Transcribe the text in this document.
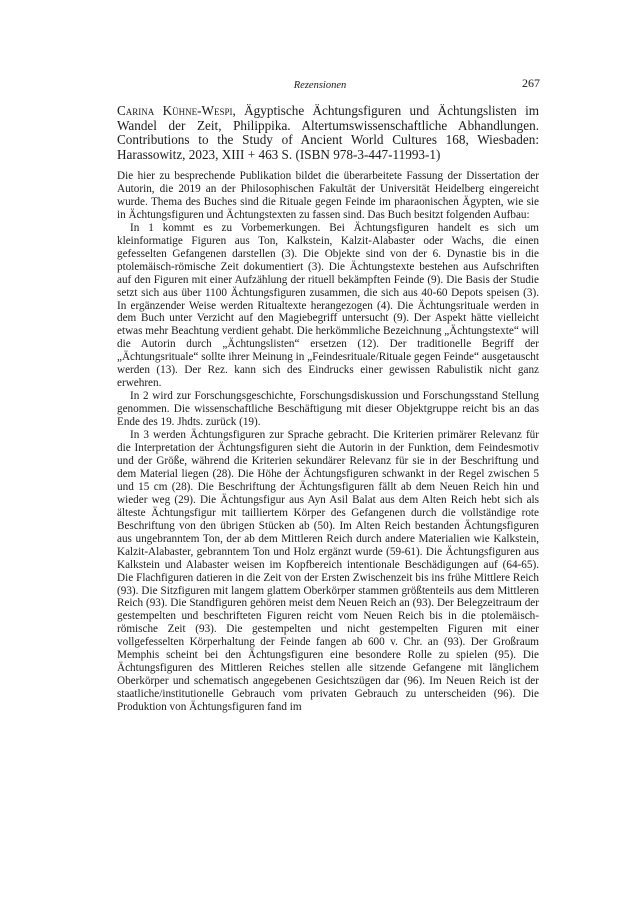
Rezensionen	267
Carina Kühne-Wespi, Ägyptische Ächtungsfiguren und Ächtungslisten im Wandel der Zeit, Philippika. Altertumswissenschaftliche Abhandlungen. Contributions to the Study of Ancient World Cultures 168, Wiesbaden: Harassowitz, 2023, XIII + 463 S. (ISBN 978-3-447-11993-1)

Die hier zu besprechende Publikation bildet die überarbeitete Fassung der Dissertation der Autorin, die 2019 an der Philosophischen Fakultät der Universität Heidelberg eingereicht wurde. Thema des Buches sind die Rituale gegen Feinde im pharaonischen Ägypten, wie sie in Ächtungsfiguren und Ächtungstexten zu fassen sind. Das Buch besitzt folgenden Aufbau:

In 1 kommt es zu Vorbemerkungen. Bei Ächtungsfiguren handelt es sich um kleinformatige Figuren aus Ton, Kalkstein, Kalzit-Alabaster oder Wachs, die einen gefesselten Gefangenen darstellen (3). Die Objekte sind von der 6. Dynastie bis in die ptolemäisch-römische Zeit dokumentiert (3). Die Ächtungstexte bestehen aus Aufschriften auf den Figuren mit einer Aufzählung der rituell bekämpften Feinde (9). Die Basis der Studie setzt sich aus über 1100 Ächtungsfiguren zusammen, die sich aus 40-60 Depots speisen (3). In ergänzender Weise werden Ritualtexte herangezogen (4). Die Ächtungsrituale werden in dem Buch unter Verzicht auf den Magiebegriff untersucht (9). Der Aspekt hätte vielleicht etwas mehr Beachtung verdient gehabt. Die herkömmliche Bezeichnung „Ächtungstexte“ will die Autorin durch „Ächtungslisten“ ersetzen (12). Der traditionelle Begriff der „Ächtungsrituale“ sollte ihrer Meinung in „Feindesrituale/Rituale gegen Feinde“ ausgetauscht werden (13). Der Rez. kann sich des Eindrucks einer gewissen Rabulistik nicht ganz erwehren.

In 2 wird zur Forschungsgeschichte, Forschungsdiskussion und Forschungsstand Stellung genommen. Die wissenschaftliche Beschäftigung mit dieser Objektgruppe reicht bis an das Ende des 19. Jhdts. zurück (19).

In 3 werden Ächtungsfiguren zur Sprache gebracht. Die Kriterien primärer Relevanz für die Interpretation der Ächtungsfiguren sieht die Autorin in der Funktion, dem Feindesmotiv und der Größe, während die Kriterien sekundärer Relevanz für sie in der Beschriftung und dem Material liegen (28). Die Höhe der Ächtungsfiguren schwankt in der Regel zwischen 5 und 15 cm (28). Die Beschriftung der Ächtungsfiguren fällt ab dem Neuen Reich hin und wieder weg (29). Die Ächtungsfigur aus Ayn Asil Balat aus dem Alten Reich hebt sich als älteste Ächtungsfigur mit tailliertem Körper des Gefangenen durch die vollständige rote Beschriftung von den übrigen Stücken ab (50). Im Alten Reich bestanden Ächtungsfiguren aus ungebranntem Ton, der ab dem Mittleren Reich durch andere Materialien wie Kalkstein, Kalzit-Alabaster, gebranntem Ton und Holz ergänzt wurde (59-61). Die Ächtungsfiguren aus Kalkstein und Alabaster weisen im Kopfbereich intentionale Beschädigungen auf (64-65). Die Flachfiguren datieren in die Zeit von der Ersten Zwischenzeit bis ins frühe Mittlere Reich (93). Die Sitzfiguren mit langem glattem Oberkörper stammen größtenteils aus dem Mittleren Reich (93). Die Standfiguren gehören meist dem Neuen Reich an (93). Der Belegzeitraum der gestempelten und beschrifteten Figuren reicht vom Neuen Reich bis in die ptolemäisch-römische Zeit (93). Die gestempelten und nicht gestempelten Figuren mit einer vollgefesselten Körperhaltung der Feinde fangen ab 600 v. Chr. an (93). Der Großraum Memphis scheint bei den Ächtungsfiguren eine besondere Rolle zu spielen (95). Die Ächtungsfiguren des Mittleren Reiches stellen alle sitzende Gefangene mit länglichem Oberkörper und schematisch angegebenen Gesichtszügen dar (96). Im Neuen Reich ist der staatliche/institutionelle Gebrauch vom privaten Gebrauch zu unterscheiden (96). Die Produktion von Ächtungsfiguren fand im
